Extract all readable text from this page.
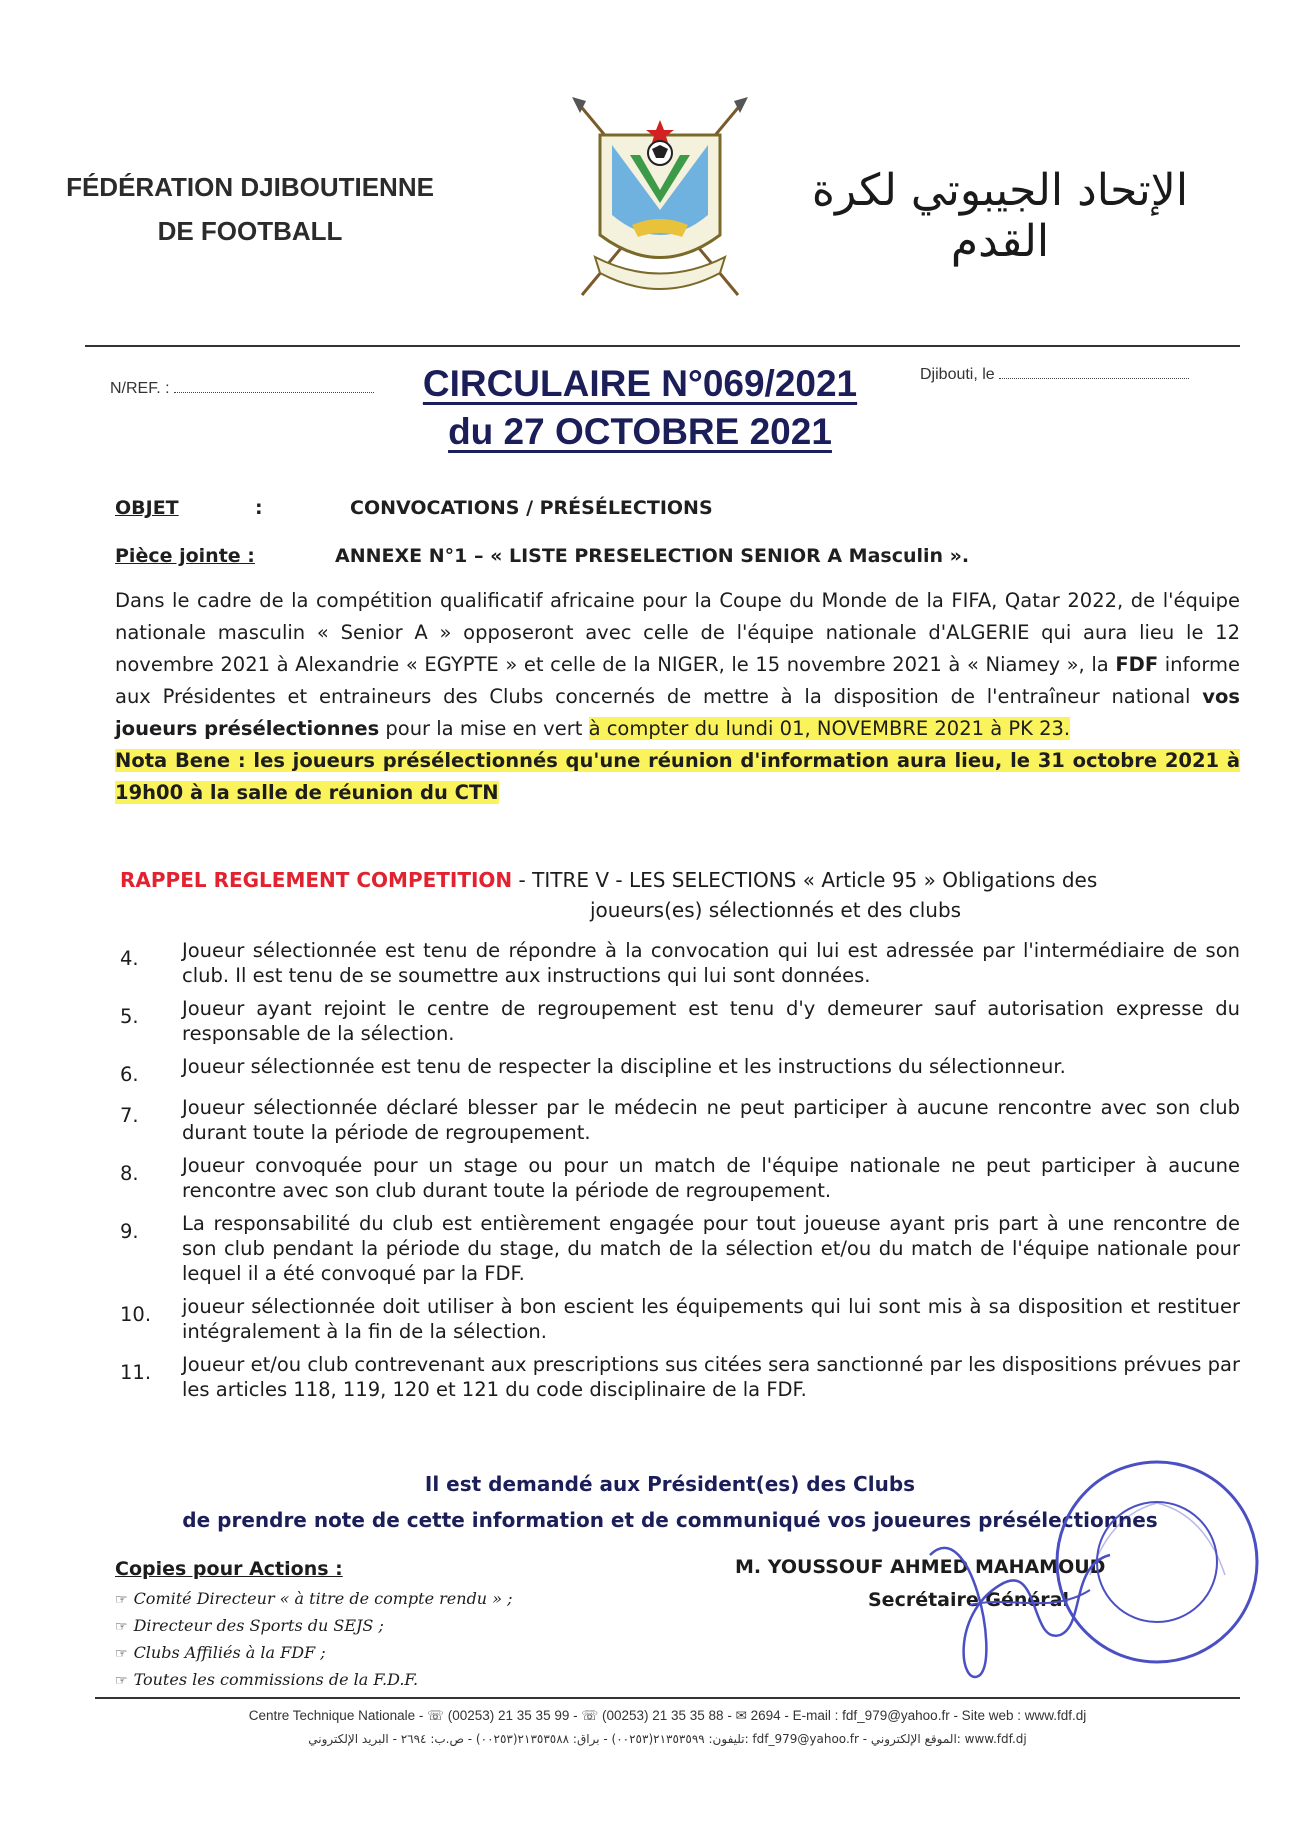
FÉDÉRATION DJIBOUTIENNE
DE FOOTBALL
الإتحاد الجيبوتي لكرة القدم
N/REF. :
Djibouti, le
CIRCULAIRE N°069/2021
du 27 OCTOBRE 2021
OBJET	:	CONVOCATIONS / PRÉSÉLECTIONS
Pièce jointe :	ANNEXE N°1 – « LISTE PRESELECTION SENIOR A Masculin ».
Dans le cadre de la compétition qualificatif africaine pour la Coupe du Monde de la FIFA, Qatar 2022, de l'équipe nationale masculin « Senior A » opposeront avec celle de l'équipe nationale d'ALGERIE qui aura lieu le 12 novembre 2021 à Alexandrie « EGYPTE » et celle de la NIGER, le 15 novembre 2021 à « Niamey », la FDF informe aux Présidentes et entraineurs des Clubs concernés de mettre à la disposition de l'entraîneur national vos joueurs présélectionnes pour la mise en vert à compter du lundi 01, NOVEMBRE 2021 à PK 23.
Nota Bene : les joueurs présélectionnés qu'une réunion d'information aura lieu, le 31 octobre 2021 à 19h00 à la salle de réunion du CTN
RAPPEL REGLEMENT COMPETITION - TITRE V - LES SELECTIONS « Article 95 » Obligations des
joueurs(es) sélectionnés et des clubs
4.	Joueur sélectionnée est tenu de répondre à la convocation qui lui est adressée par l'intermédiaire de son club. Il est tenu de se soumettre aux instructions qui lui sont données.
5.	Joueur ayant rejoint le centre de regroupement est tenu d'y demeurer sauf autorisation expresse du responsable de la sélection.
6.	Joueur sélectionnée est tenu de respecter la discipline et les instructions du sélectionneur.
7.	Joueur sélectionnée déclaré blesser par le médecin ne peut participer à aucune rencontre avec son club durant toute la période de regroupement.
8.	Joueur convoquée pour un stage ou pour un match de l'équipe nationale ne peut participer à aucune rencontre avec son club durant toute la période de regroupement.
9.	La responsabilité du club est entièrement engagée pour tout joueuse ayant pris part à une rencontre de son club pendant la période du stage, du match de la sélection et/ou du match de l'équipe nationale pour lequel il a été convoqué par la FDF.
10.	joueur sélectionnée doit utiliser à bon escient les équipements qui lui sont mis à sa disposition et restituer intégralement à la fin de la sélection.
11.	Joueur et/ou club contrevenant aux prescriptions sus citées sera sanctionné par les dispositions prévues par les articles 118, 119, 120 et 121 du code disciplinaire de la FDF.
Il est demandé aux Président(es) des Clubs
de prendre note de cette information et de communiqué vos joueures présélectionnes
Copies pour Actions :
☞ Comité Directeur « à titre de compte rendu » ;
☞ Directeur des Sports du SEJS ;
☞ Clubs Affiliés à la FDF ;
☞ Toutes les commissions de la F.D.F.
M. YOUSSOUF AHMED MAHAMOUD
Secrétaire Général
Centre Technique Nationale - ☏ (00253) 21 35 35 99 - ☏ (00253) 21 35 35 88 - ✉ 2694 - E-mail : fdf_979@yahoo.fr - Site web : www.fdf.dj
تليفون: ٢١٣٥٣٥٩٩(٠٠٢٥٣) - براق: ٢١٣٥٣٥٨٨(٠٠٢٥٣) - ص.ب: ٢٦٩٤ - البريد الإلكتروني: fdf_979@yahoo.fr - الموقع الإلكتروني: www.fdf.dj
